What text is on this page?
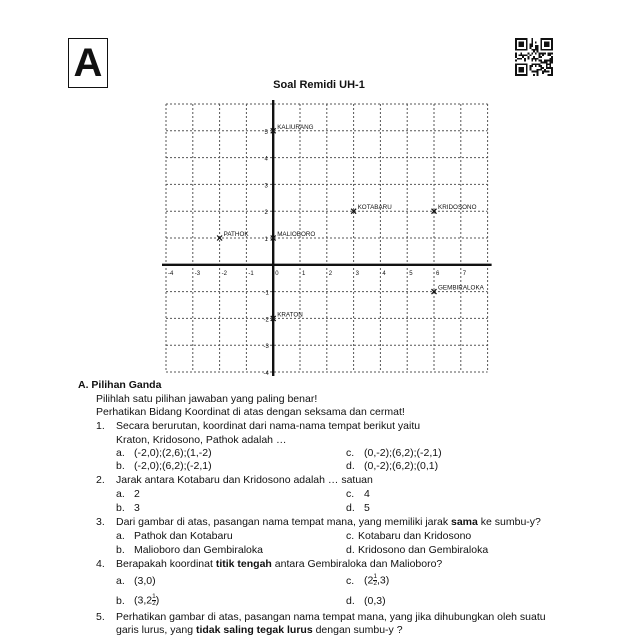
A
Soal Remidi UH-1
-4	-3	-2	-1	0	1	2	3	4	5	6	7
5
4
3
2
1
-1
-2
-3
-4
KALIURANG
KOTABARU	KRIDOSONO
PATHOK	MALIOBORO
GEMBIRALOKA
KRATON
A. Pilihan Ganda
Pilihlah satu pilihan jawaban yang paling benar!
Perhatikan Bidang Koordinat di atas dengan seksama dan cermat!
1. Secara berurutan, koordinat dari nama-nama tempat berikut yaitu
Kraton, Kridosono, Pathok adalah …
a. (-2,0);(2,6);(1,-2)
b. (-2,0);(6,2);(-2,1)
c. (0,-2);(6,2);(-2,1)
d. (0,-2);(6,2);(0,1)
2. Jarak antara Kotabaru dan Kridosono adalah … satuan
a. 2
b. 3
c. 4
d. 5
3. Dari gambar di atas, pasangan nama tempat mana, yang memiliki jarak sama ke sumbu-y?
a. Pathok dan Kotabaru
b. Malioboro dan Gembiraloka
c. Kotabaru dan Kridosono
d. Kridosono dan Gembiraloka
4. Berapakah koordinat titik tengah antara Gembiraloka dan Malioboro?
a. (3,0)
b. ($3,2 \frac{1}{2}$ )
c. $(2 \frac{1}{2} ,3)$
d. (0,3)
5. Perhatikan gambar di atas, pasangan nama tempat mana, yang jika dihubungkan oleh suatu
garis lurus, yang tidak saling tegak lurus dengan sumbu-y ?
